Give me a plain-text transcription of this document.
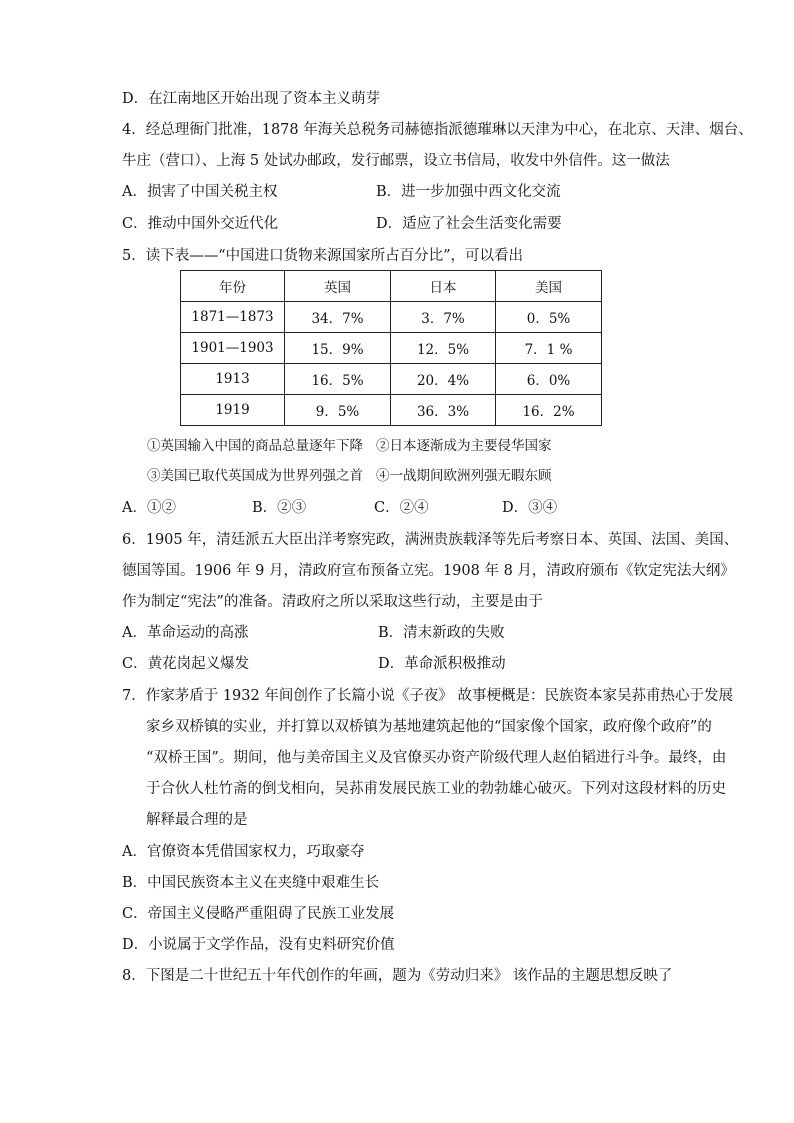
D．在江南地区开始出现了资本主义萌芽
4．经总理衙门批准，1878 年海关总税务司赫德指派德璀琳以天津为中心，在北京、天津、烟台、
牛庄（营口）、上海 5 处试办邮政，发行邮票，设立书信局，收发中外信件。这一做法
A．损害了中国关税主权	B．进一步加强中西文化交流
C．推动中国外交近代化	D．适应了社会生活变化需要
5．读下表——“中国进口货物来源国家所占百分比”，可以看出
年份	英国	日本	美国
1871—1873	34．7%	3．7%	0．5%
1901—1903	15．9%	12．5%	7．1 %
1913	16．5%	20．4%	6．0%
1919	9．5%	36．3%	16．2%
①英国输入中国的商品总量逐年下降 ②日本逐渐成为主要侵华国家
③美国已取代英国成为世界列强之首 ④一战期间欧洲列强无暇东顾
A．①②	B．②③	C．②④	D．③④
6．1905 年，清廷派五大臣出洋考察宪政，满洲贵族载泽等先后考察日本、英国、法国、美国、
德国等国。1906 年 9 月，清政府宣布预备立宪。1908 年 8 月，清政府颁布《钦定宪法大纲》
作为制定“宪法”的准备。清政府之所以采取这些行动，主要是由于
A．革命运动的高涨	B．清末新政的失败
C．黄花岗起义爆发	D．革命派积极推动
7．作家茅盾于 1932 年间创作了长篇小说《子夜》 故事梗概是：民族资本家吴荪甫热心于发展
家乡双桥镇的实业，并打算以双桥镇为基地建筑起他的“国家像个国家，政府像个政府”的
“双桥王国”。期间，他与美帝国主义及官僚买办资产阶级代理人赵伯韬进行斗争。最终，由
于合伙人杜竹斋的倒戈相向，吴荪甫发展民族工业的勃勃雄心破灭。下列对这段材料的历史
解释最合理的是
A．官僚资本凭借国家权力，巧取豪夺
B．中国民族资本主义在夹缝中艰难生长
C．帝国主义侵略严重阻碍了民族工业发展
D．小说属于文学作品，没有史料研究价值
8．下图是二十世纪五十年代创作的年画，题为《劳动归来》 该作品的主题思想反映了
